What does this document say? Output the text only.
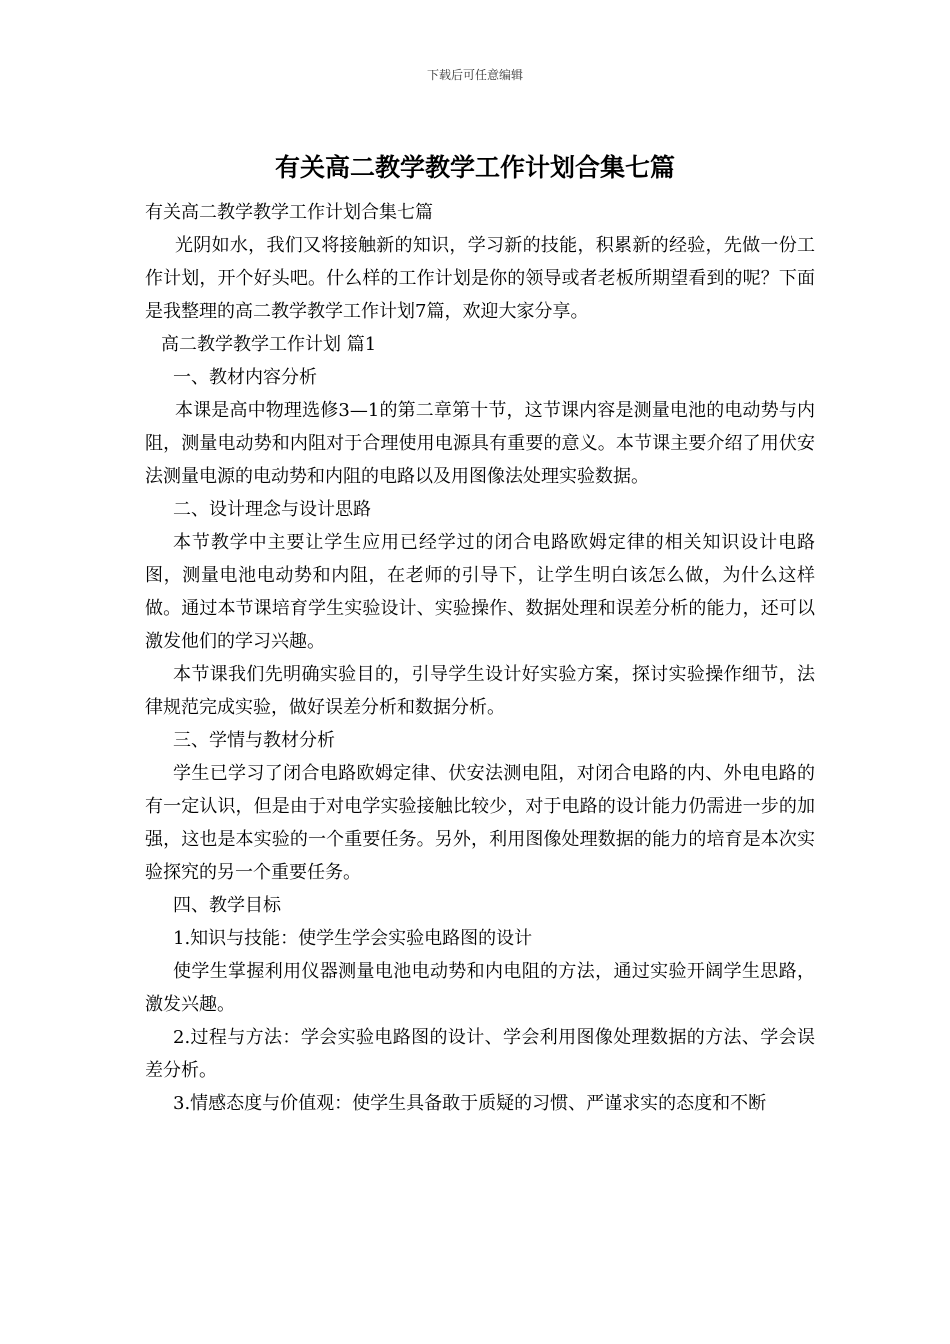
下载后可任意编辑
有关高二教学教学工作计划合集七篇

有关高二教学教学工作计划合集七篇

光阴如水，我们又将接触新的知识，学习新的技能，积累新的经验，先做一份工作计划，开个好头吧。什么样的工作计划是你的领导或者老板所期望看到的呢？下面是我整理的高二教学教学工作计划7篇，欢迎大家分享。

高二教学教学工作计划 篇1

一、教材内容分析

本课是高中物理选修3—1的第二章第十节，这节课内容是测量电池的电动势与内阻，测量电动势和内阻对于合理使用电源具有重要的意义。本节课主要介绍了用伏安法测量电源的电动势和内阻的电路以及用图像法处理实验数据。

二、设计理念与设计思路

本节教学中主要让学生应用已经学过的闭合电路欧姆定律的相关知识设计电路图，测量电池电动势和内阻，在老师的引导下，让学生明白该怎么做，为什么这样做。通过本节课培育学生实验设计、实验操作、数据处理和误差分析的能力，还可以激发他们的学习兴趣。

本节课我们先明确实验目的，引导学生设计好实验方案，探讨实验操作细节，法律规范完成实验，做好误差分析和数据分析。

三、学情与教材分析

学生已学习了闭合电路欧姆定律、伏安法测电阻，对闭合电路的内、外电电路的有一定认识，但是由于对电学实验接触比较少，对于电路的设计能力仍需进一步的加强，这也是本实验的一个重要任务。另外，利用图像处理数据的能力的培育是本次实验探究的另一个重要任务。

四、教学目标

1.知识与技能：使学生学会实验电路图的设计

使学生掌握利用仪器测量电池电动势和内电阻的方法，通过实验开阔学生思路，激发兴趣。

2.过程与方法：学会实验电路图的设计、学会利用图像处理数据的方法、学会误差分析。

3.情感态度与价值观：使学生具备敢于质疑的习惯、严谨求实的态度和不断
